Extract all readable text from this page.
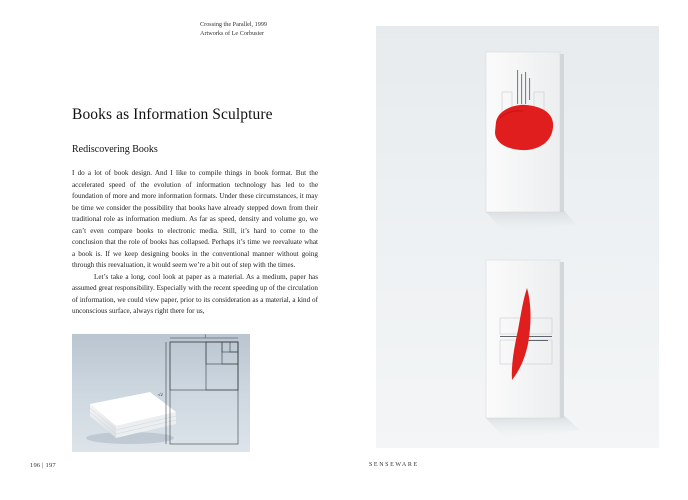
Crossing the Parallel, 1999
Artworks of Le Corbusier
Books as Information Sculpture
Rediscovering Books

I do a lot of book design. And I like to compile things in book format. But the accelerated speed of the evolution of information technology has led to the foundation of more and more information formats. Under these circumstances, it may be time we consider the possibility that books have already stepped down from their traditional role as information medium. As far as speed, density and volume go, we can’t even compare books to electronic media. Still, it’s hard to come to the conclusion that the role of books has collapsed. Perhaps it’s time we reevaluate what a book is. If we keep designing books in the conventional manner without going through this reevaluation, it would seem we’re a bit out of step with the times.

Let’s take a long, cool look at paper as a material. As a medium, paper has assumed great responsibility. Especially with the recent speeding up of the circulation of information, we could view paper, prior to its consideration as a material, a kind of unconscious surface, always right there for us,

1
√2
196 | 197	SENSEWARE
